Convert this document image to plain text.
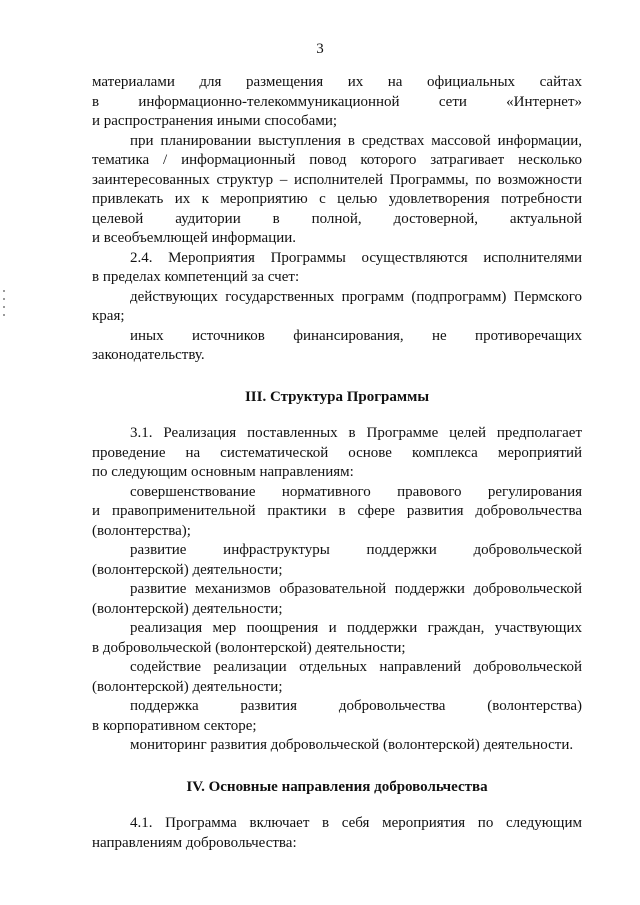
3

материалами для размещения их на официальных сайтах
в информационно-телекоммуникационной сети «Интернет»
и распространения иными способами;

при планировании выступления в средствах массовой информации,
тематика / информационный повод которого затрагивает несколько
заинтересованных структур – исполнителей Программы, по возможности
привлекать их к мероприятию с целью удовлетворения потребности
целевой аудитории в полной, достоверной, актуальной
и всеобъемлющей информации.

2.4. Мероприятия Программы осуществляются исполнителями
в пределах компетенций за счет:

действующих государственных программ (подпрограмм) Пермского
края;

иных источников финансирования, не противоречащих
законодательству.

III. Структура Программы

3.1. Реализация поставленных в Программе целей предполагает
проведение на систематической основе комплекса мероприятий
по следующим основным направлениям:

совершенствование нормативного правового регулирования
и правоприменительной практики в сфере развития добровольчества
(волонтерства);

развитие инфраструктуры поддержки добровольческой
(волонтерской) деятельности;

развитие механизмов образовательной поддержки добровольческой
(волонтерской) деятельности;

реализация мер поощрения и поддержки граждан, участвующих
в добровольческой (волонтерской) деятельности;

содействие реализации отдельных направлений добровольческой
(волонтерской) деятельности;

поддержка развития добровольчества (волонтерства)
в корпоративном секторе;

мониторинг развития добровольческой (волонтерской) деятельности.

IV. Основные направления добровольчества

4.1. Программа включает в себя мероприятия по следующим
направлениям добровольчества:
